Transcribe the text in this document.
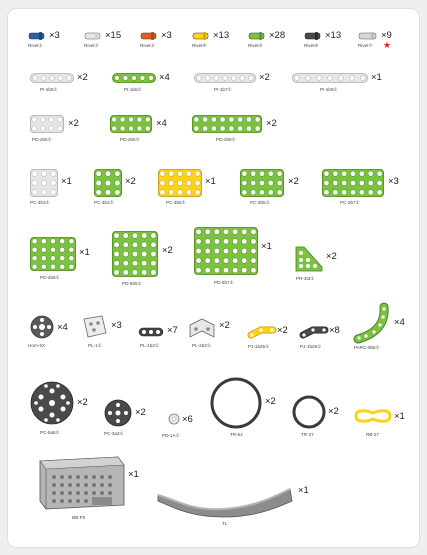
×3
Rivet①
×15
Rivet②
×3
Rivet③
×13
Rivet④
×28
Rivet⑤
×13
Rivet⑥
×9
Rivet⑦ ★
×2
PI-1b5①
×4
PI-1b5②
×2
PI-1b7①
×1
PI-1b9①
×2
PD-2b5①
×4
PD-2b5②
×2
PD-2b8①
×1
PC-3b3①
×2
PC-3b3②
×1
PC-3b5①
×2
PC-3b5②
×3
PC-3b7①
×1
PD-4b5①
×2
PD-5b5①
×1
PD-5b7①
×2
PR-3t3①
×4
Horn-5X
×3
PL-1①
×7
PL-1b2①
×2
PL-2b2①
×2
PJ-1b25①
×8
PJ-1b29①
×4
PARC-9b5①
×2
PC-5a5①
×2
PC-3a3①
×6
PD-1A①
×2
TR-62
×2
TR-37
×1
RB-27
×1
BB-F8
×1
TL
